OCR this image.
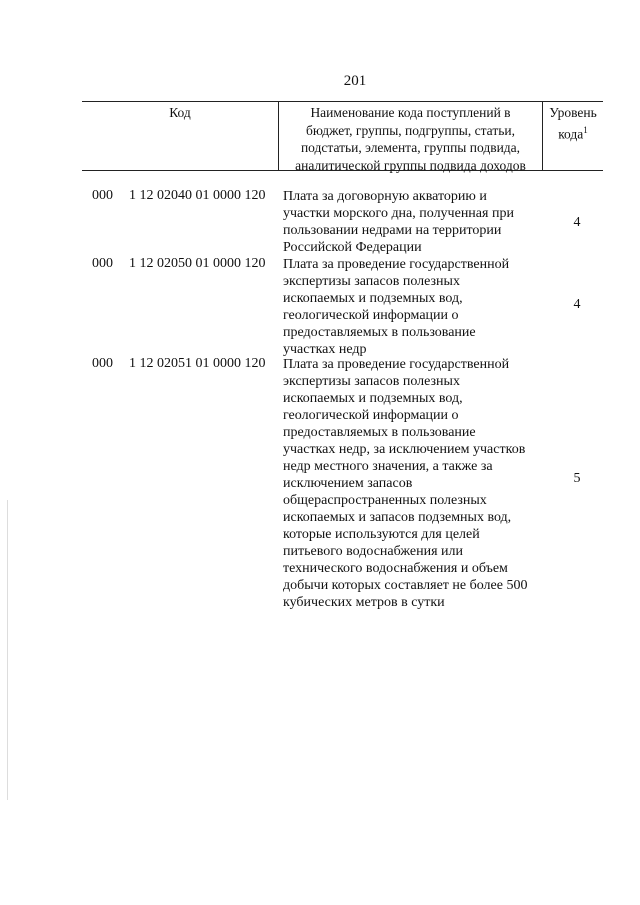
201
Код	Наименование кода поступлений в
бюджет, группы, подгруппы, статьи,
подстатьи, элемента, группы подвида,
аналитической группы подвида доходов
Уровень
кода$^1$
000 1 12 02040 01 0000 120 Плата за договорную акваторию и
участки морского дна, полученная при
пользовании недрами на территории
Российской Федерации
4
000 1 12 02050 01 0000 120 Плата за проведение государственной
экспертизы запасов полезных
ископаемых и подземных вод,
геологической информации о
предоставляемых в пользование
участках недр
4
000 1 12 02051 01 0000 120 Плата за проведение государственной
экспертизы запасов полезных
ископаемых и подземных вод,
геологической информации о
предоставляемых в пользование
участках недр, за исключением участков
недр местного значения, а также за
исключением запасов
общераспространенных полезных
ископаемых и запасов подземных вод,
которые используются для целей
питьевого водоснабжения или
технического водоснабжения и объем
добычи которых составляет не более 500
кубических метров в сутки
5
